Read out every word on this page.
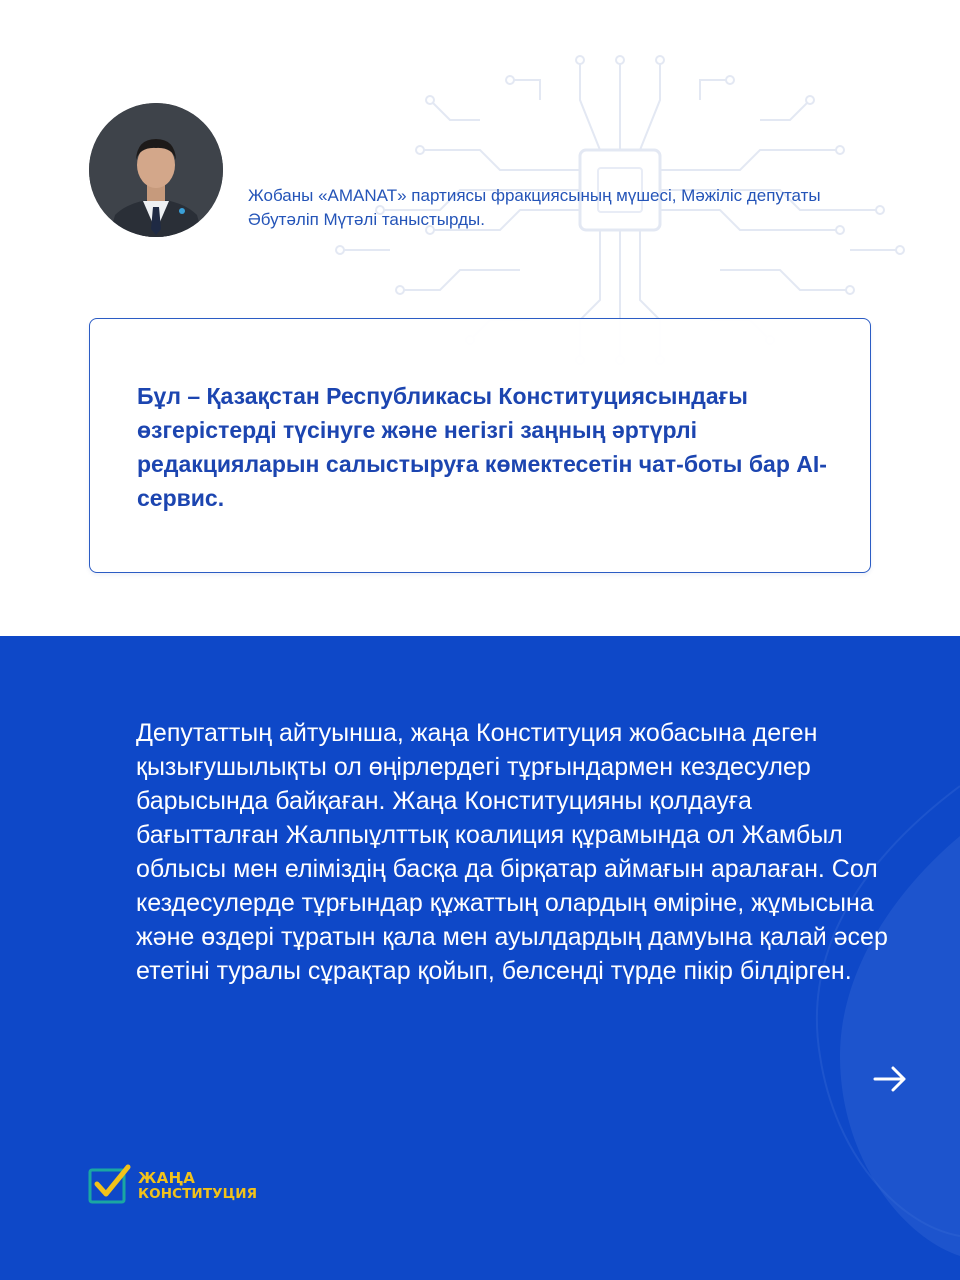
Жобаны «AMANAT» партиясы фракциясының мүшесі, Мәжіліс депутаты Әбутәліп Мүтәлі таныстырды.
Бұл – Қазақстан Республикасы Конституциясындағы өзгерістерді түсінуге және негізгі заңның әртүрлі редакцияларын салыстыруға көмектесетін чат-боты бар AI-сервис.
Депутаттың айтуынша, жаңа Конституция жобасына деген қызығушылықты ол өңірлердегі тұрғындармен кездесулер барысында байқаған. Жаңа Конституцияны қолдауға бағытталған Жалпыұлттық коалиция құрамында ол Жамбыл облысы мен еліміздің басқа да бірқатар аймағын аралаған. Сол кездесулерде тұрғындар құжаттың олардың өміріне, жұмысына және өздері тұратын қала мен ауылдардың дамуына қалай әсер ететіні туралы сұрақтар қойып, белсенді түрде пікір білдірген.
ЖАҢА
КОНСТИТУЦИЯ
